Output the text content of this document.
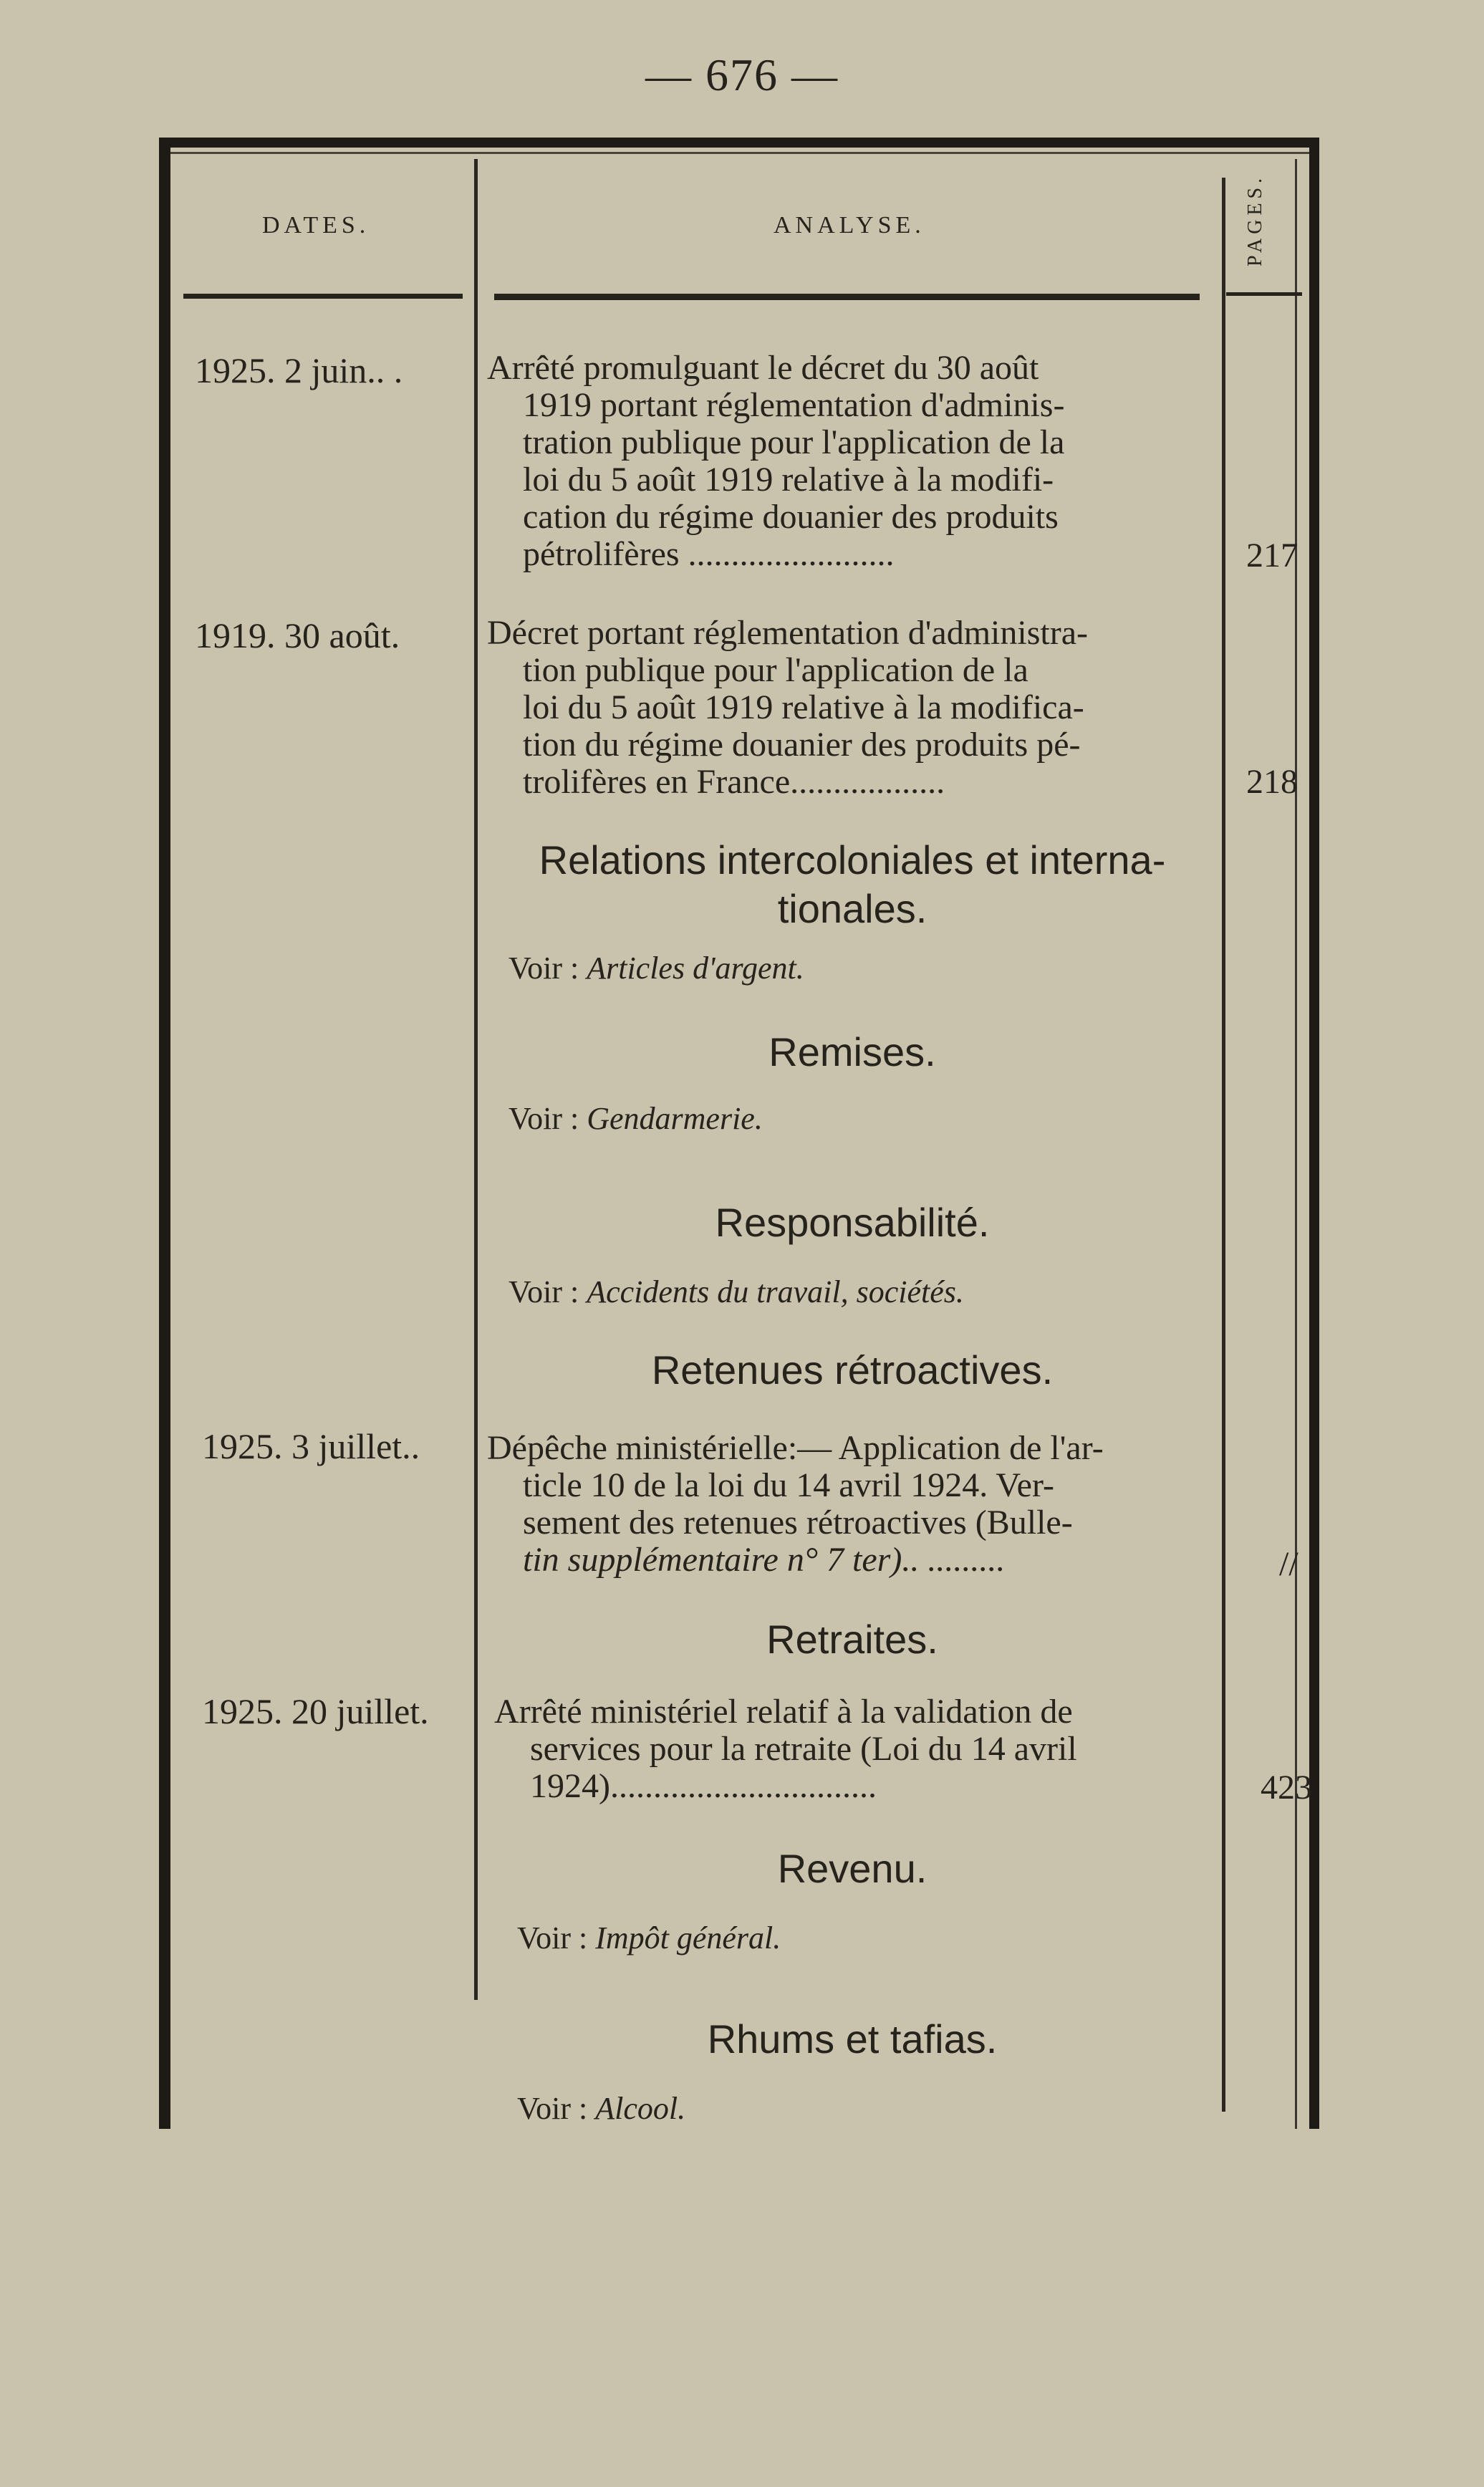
— 676 —
DATES.	ANALYSE.	PAGES.
1925. 2 juin.. . Arrêté promulguant le décret du 30 août
1919 portant réglementation d'adminis-
tration publique pour l'application de la
loi du 5 août 1919 relative à la modifi-
cation du régime douanier des produits
pétrolifères ........................	217
1919. 30 août.	Décret portant réglementation d'administra-
tion publique pour l'application de la
loi du 5 août 1919 relative à la modifica-
tion du régime douanier des produits pé-
trolifères en France..................	218
Relations intercoloniales et interna-
tionales.
Voir : Articles d'argent.
Remises.
Voir : Gendarmerie.
Responsabilité.
Voir : Accidents du travail, sociétés.
Retenues rétroactives.
1925. 3 juillet.. Dépêche ministérielle:— Application de l'ar-
ticle 10 de la loi du 14 avril 1924. Ver-
sement des retenues rétroactives (Bulle-
tin supplémentaire n° 7 ter).. .........	//
Retraites.
1925. 20 juillet. Arrêté ministériel relatif à la validation de
services pour la retraite (Loi du 14 avril
1924)...............................	423
Revenu.
Voir : Impôt général.
Rhums et tafias.
Voir : Alcool.
